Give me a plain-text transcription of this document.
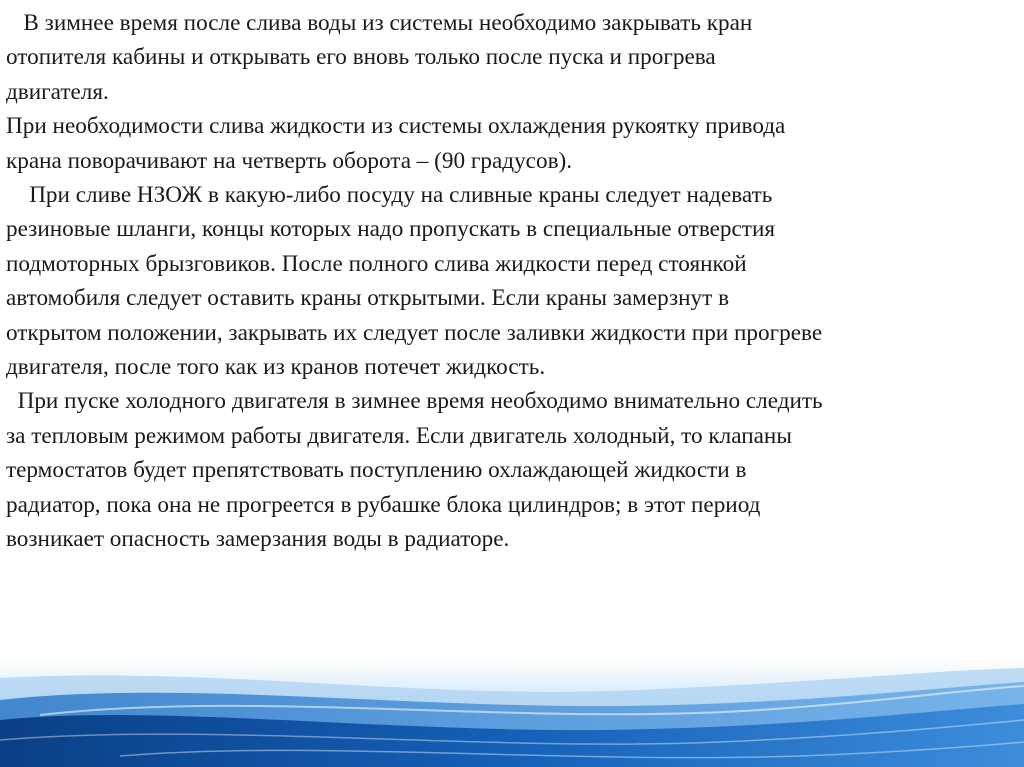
В зимнее время после слива воды из системы необходимо закрывать кран
отопителя кабины и открывать его вновь только после пуска и прогрева
двигателя.

При необходимости слива жидкости из системы охлаждения рукоятку привода
крана поворачивают на четверть оборота – (90 градусов).

При сливе НЗОЖ в какую-либо посуду на сливные краны следует надевать
резиновые шланги, концы которых надо пропускать в специальные отверстия
подмоторных брызговиков. После полного слива жидкости перед стоянкой
автомобиля следует оставить краны открытыми. Если краны замерзнут в
открытом положении, закрывать их следует после заливки жидкости при прогреве
двигателя, после того как из кранов потечет жидкость.

При пуске холодного двигателя в зимнее время необходимо внимательно следить
за тепловым режимом работы двигателя. Если двигатель холодный, то клапаны
термостатов будет препятствовать поступлению охлаждающей жидкости в
радиатор, пока она не прогреется в рубашке блока цилиндров; в этот период
возникает опасность замерзания воды в радиаторе.
